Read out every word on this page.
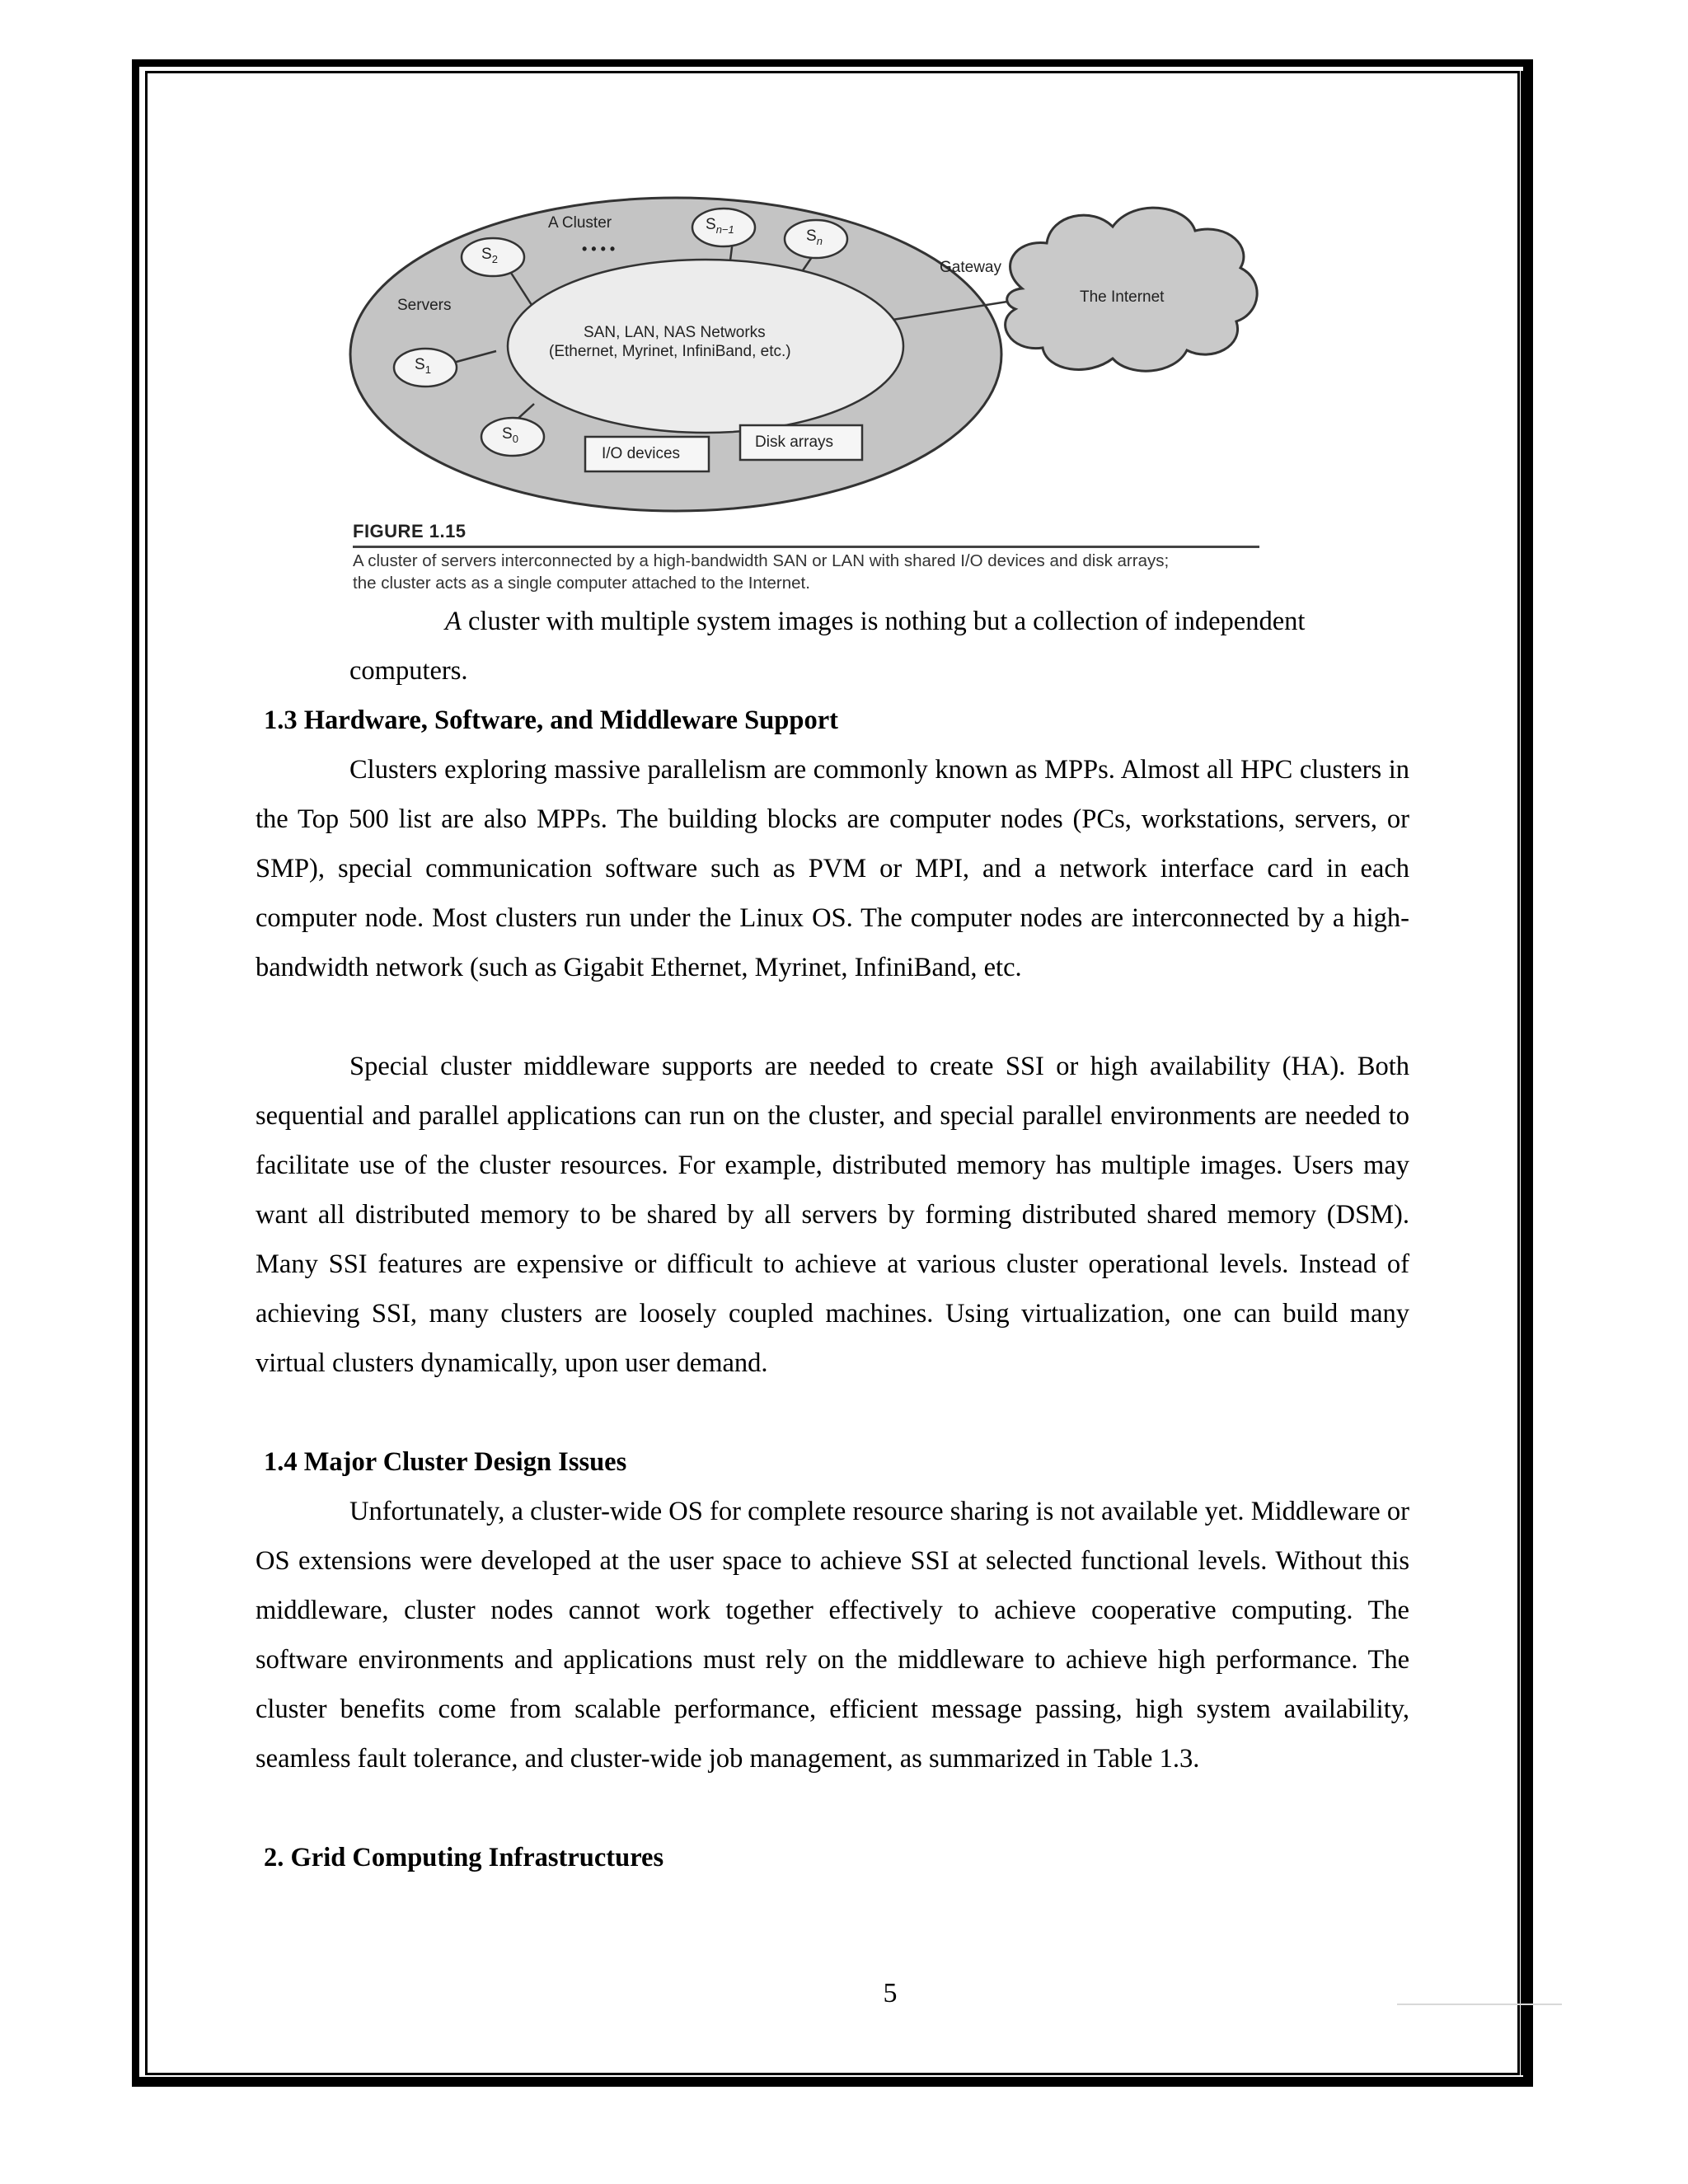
A Cluster
• • • •
Servers
$S_2$
$S_{n-1}$	$S_n$
$S_1$
$S_0$
SAN, LAN, NAS Networks
(Ethernet, Myrinet, InfiniBand, etc.)
Gateway
The Internet
I/O devices
Disk arrays
FIGURE 1.15
A cluster of servers interconnected by a high-bandwidth SAN or LAN with shared I/O devices and disk arrays;
the cluster acts as a single computer attached to the Internet.
A cluster with multiple system images is nothing but a collection of independent
computers.
1.3 Hardware, Software, and Middleware Support
Clusters exploring massive parallelism are commonly known as MPPs. Almost all HPC clusters in the Top 500 list are also MPPs. The building blocks are computer nodes (PCs, workstations, servers, or SMP), special communication software such as PVM or MPI, and a network interface card in each computer node. Most clusters run under the Linux OS. The computer nodes are interconnected by a high-bandwidth network (such as Gigabit Ethernet, Myrinet, InfiniBand, etc.
Special cluster middleware supports are needed to create SSI or high availability (HA). Both sequential and parallel applications can run on the cluster, and special parallel environments are needed to facilitate use of the cluster resources. For example, distributed memory has multiple images. Users may want all distributed memory to be shared by all servers by forming distributed shared memory (DSM). Many SSI features are expensive or difficult to achieve at various cluster operational levels. Instead of achieving SSI, many clusters are loosely coupled machines. Using virtualization, one can build many virtual clusters dynamically, upon user demand.
1.4 Major Cluster Design Issues
Unfortunately, a cluster-wide OS for complete resource sharing is not available yet. Middleware or OS extensions were developed at the user space to achieve SSI at selected functional levels. Without this middleware, cluster nodes cannot work together effectively to achieve cooperative computing. The software environments and applications must rely on the middleware to achieve high performance. The cluster benefits come from scalable performance, efficient message passing, high system availability, seamless fault tolerance, and cluster-wide job management, as summarized in Table 1.3.
2. Grid Computing Infrastructures
5
